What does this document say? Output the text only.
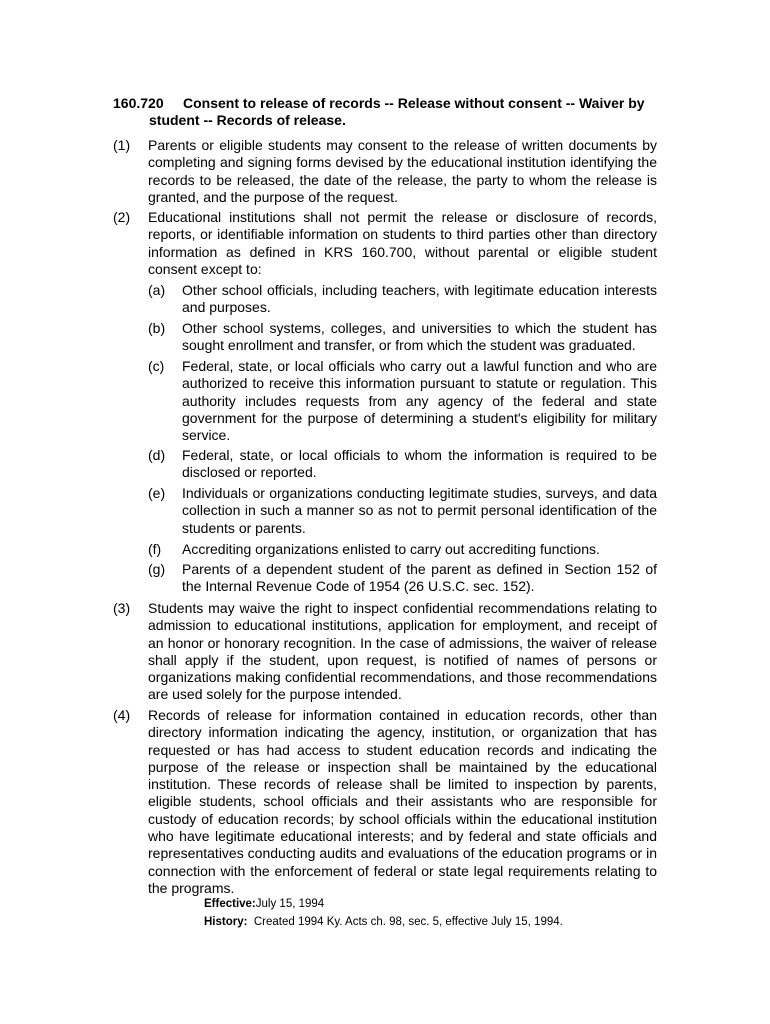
160.720 Consent to release of records -- Release without consent -- Waiver by
student -- Records of release.
(1) Parents or eligible students may consent to the release of written documents by completing and signing forms devised by the educational institution identifying the records to be released, the date of the release, the party to whom the release is granted, and the purpose of the request.
(2) Educational institutions shall not permit the release or disclosure of records, reports, or identifiable information on students to third parties other than directory information as defined in KRS 160.700, without parental or eligible student consent except to:
(a) Other school officials, including teachers, with legitimate education interests and purposes.
(b) Other school systems, colleges, and universities to which the student has sought enrollment and transfer, or from which the student was graduated.
(c) Federal, state, or local officials who carry out a lawful function and who are authorized to receive this information pursuant to statute or regulation. This authority includes requests from any agency of the federal and state government for the purpose of determining a student's eligibility for military service.
(d) Federal, state, or local officials to whom the information is required to be disclosed or reported.
(e) Individuals or organizations conducting legitimate studies, surveys, and data collection in such a manner so as not to permit personal identification of the students or parents.
(f) Accrediting organizations enlisted to carry out accrediting functions.
(g) Parents of a dependent student of the parent as defined in Section 152 of the Internal Revenue Code of 1954 (26 U.S.C. sec. 152).
(3) Students may waive the right to inspect confidential recommendations relating to admission to educational institutions, application for employment, and receipt of an honor or honorary recognition. In the case of admissions, the waiver of release shall apply if the student, upon request, is notified of names of persons or organizations making confidential recommendations, and those recommendations are used solely for the purpose intended.
(4) Records of release for information contained in education records, other than directory information indicating the agency, institution, or organization that has requested or has had access to student education records and indicating the purpose of the release or inspection shall be maintained by the educational institution. These records of release shall be limited to inspection by parents, eligible students, school officials and their assistants who are responsible for custody of education records; by school officials within the educational institution who have legitimate educational interests; and by federal and state officials and representatives conducting audits and evaluations of the education programs or in connection with the enforcement of federal or state legal requirements relating to the programs.
Effective:July 15, 1994
History: Created 1994 Ky. Acts ch. 98, sec. 5, effective July 15, 1994.
